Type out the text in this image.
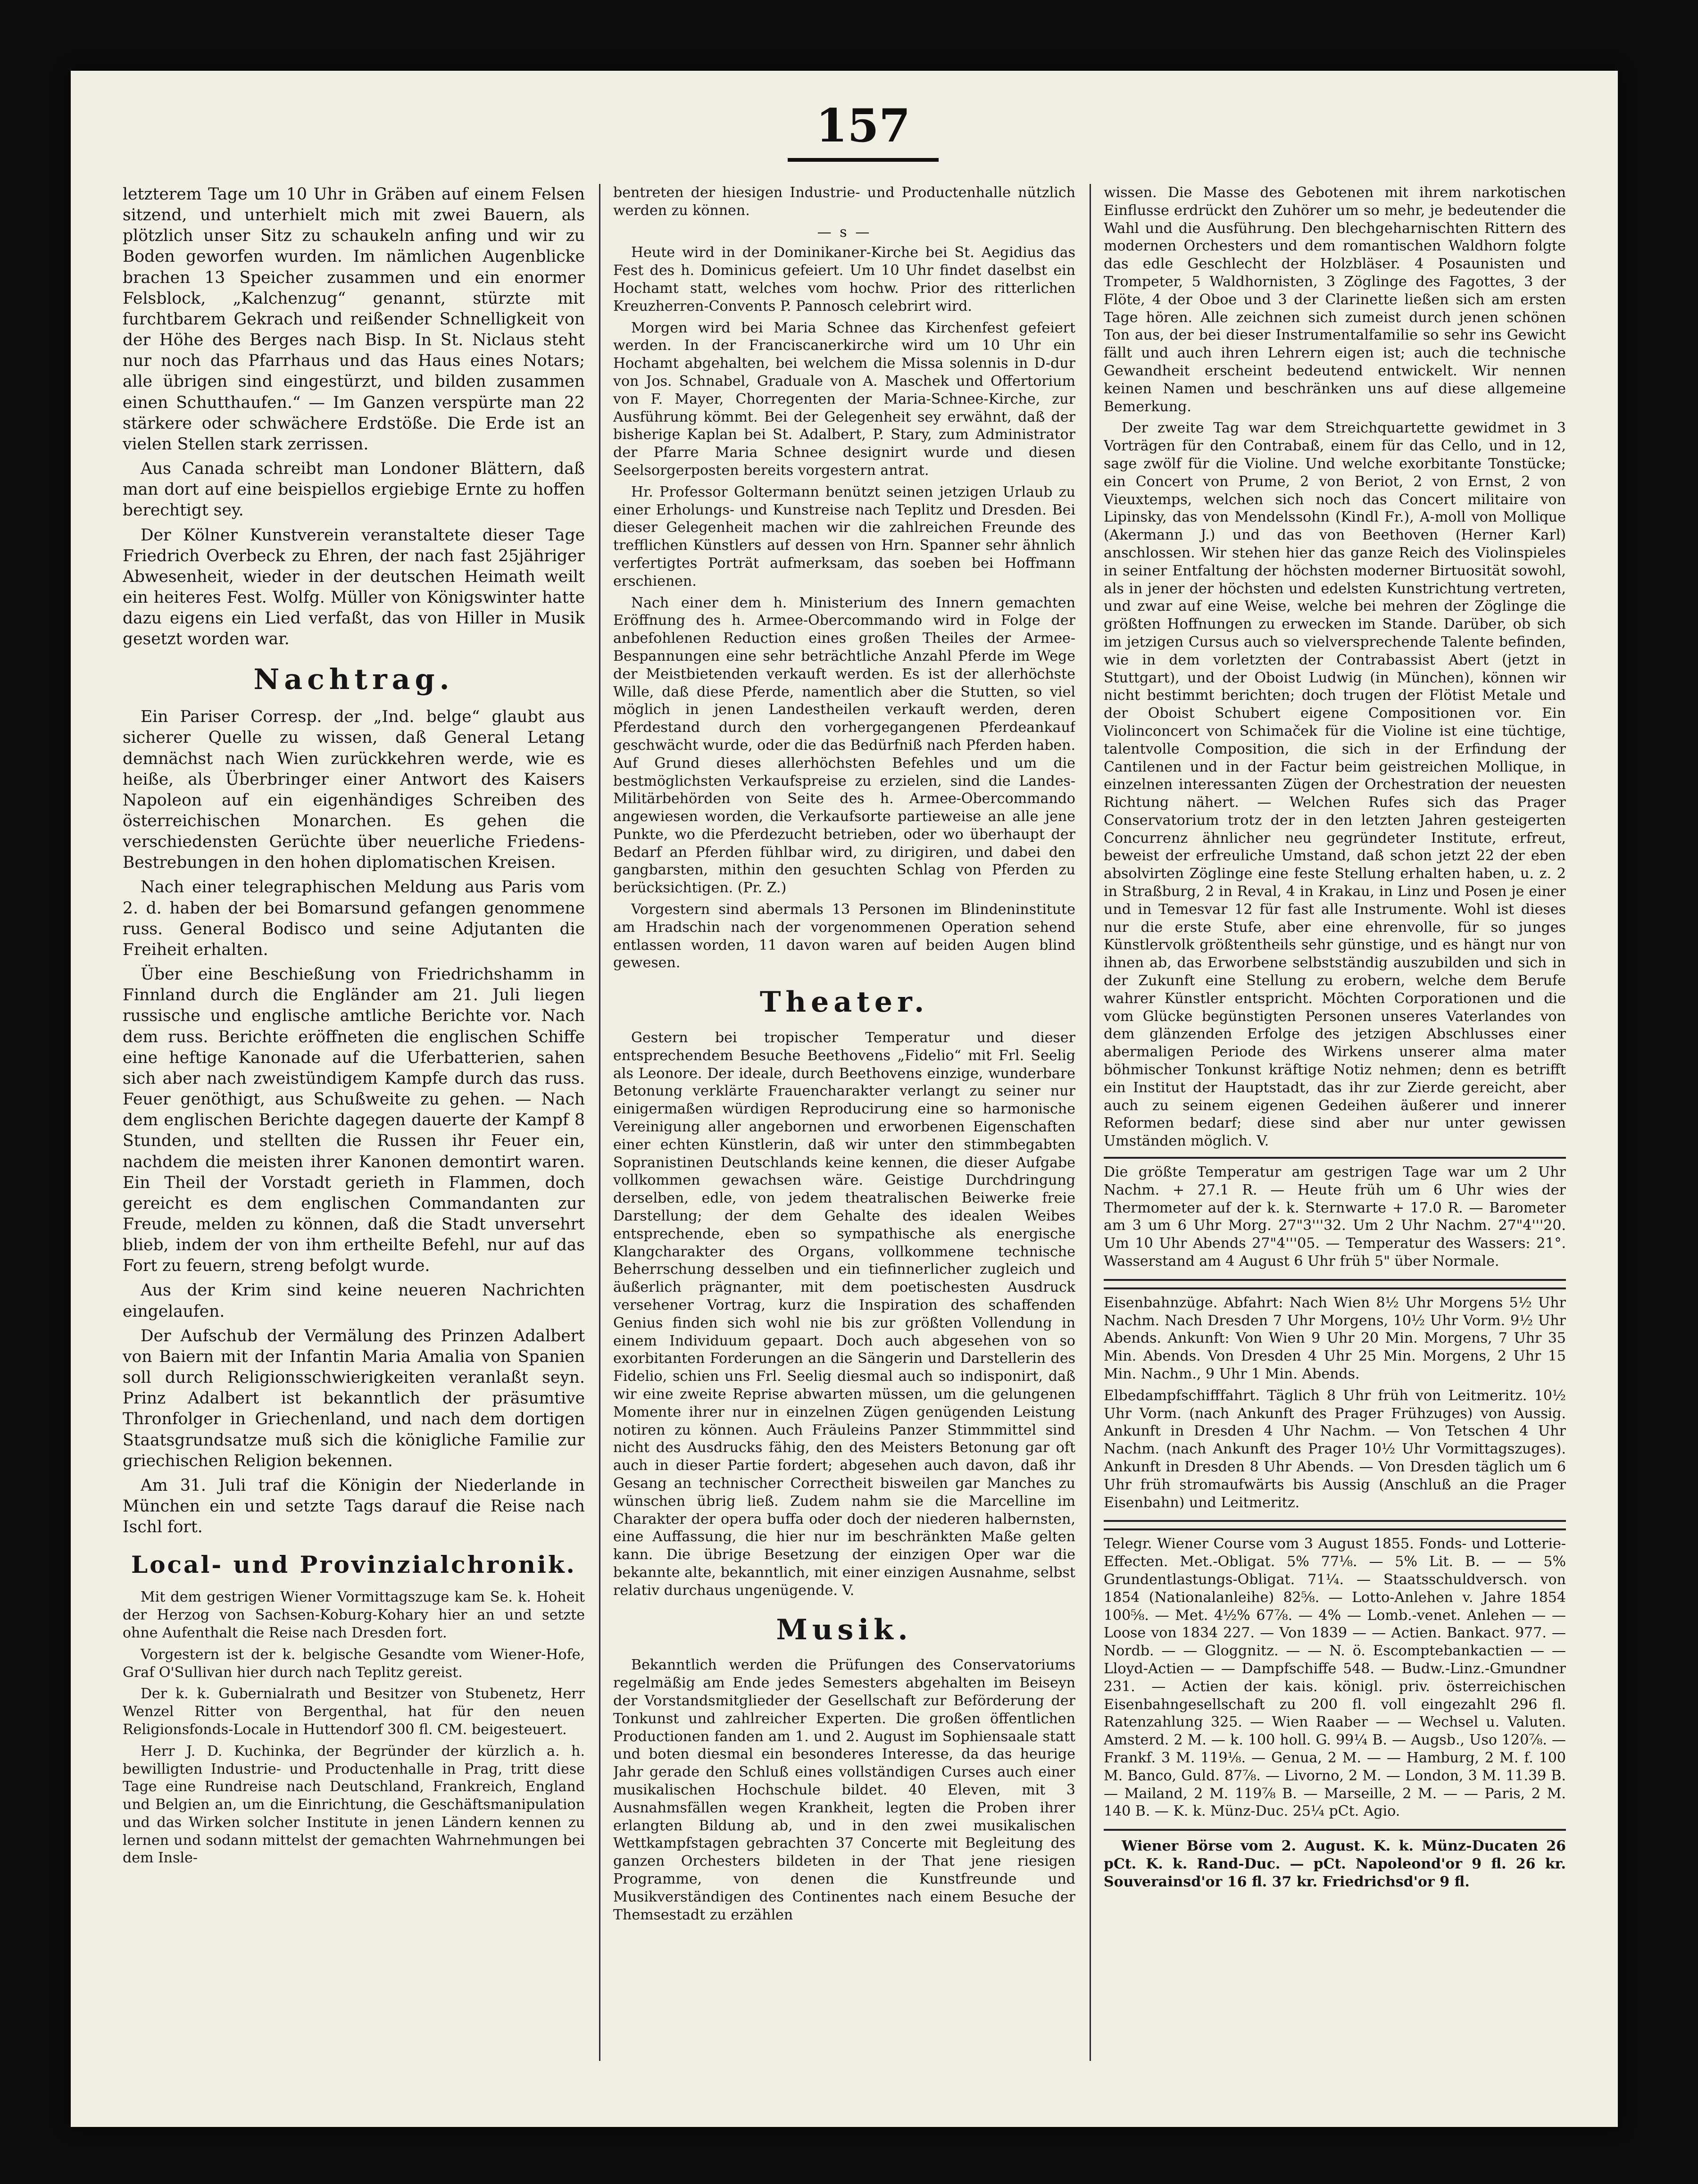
157

letzterem Tage um 10 Uhr in Gräben auf einem Felsen sitzend, und unterhielt mich mit zwei Bauern, als plötzlich unser Sitz zu schaukeln anfing und wir zu Boden geworfen wurden. Im nämlichen Augenblicke brachen 13 Speicher zusammen und ein enormer Felsblock, „Kalchenzug“ genannt, stürzte mit furchtbarem Gekrach und reißender Schnelligkeit von der Höhe des Berges nach Bisp. In St. Niclaus steht nur noch das Pfarrhaus und das Haus eines Notars; alle übrigen sind eingestürzt, und bilden zusammen einen Schutthaufen.“ — Im Ganzen verspürte man 22 stärkere oder schwächere Erdstöße. Die Erde ist an vielen Stellen stark zerrissen.

Aus Canada schreibt man Londoner Blättern, daß man dort auf eine beispiellos ergiebige Ernte zu hoffen berechtigt sey.

Der Kölner Kunstverein veranstaltete dieser Tage Friedrich Overbeck zu Ehren, der nach fast 25jähriger Abwesenheit, wieder in der deutschen Heimath weilt ein heiteres Fest. Wolfg. Müller von Königswinter hatte dazu eigens ein Lied verfaßt, das von Hiller in Musik gesetzt worden war.

Nachtrag.

Ein Pariser Corresp. der „Ind. belge“ glaubt aus sicherer Quelle zu wissen, daß General Letang demnächst nach Wien zurückkehren werde, wie es heiße, als Überbringer einer Antwort des Kaisers Napoleon auf ein eigenhändiges Schreiben des österreichischen Monarchen. Es gehen die verschiedensten Gerüchte über neuerliche Friedens-Bestrebungen in den hohen diplomatischen Kreisen.

Nach einer telegraphischen Meldung aus Paris vom 2. d. haben der bei Bomarsund gefangen genommene russ. General Bodisco und seine Adjutanten die Freiheit erhalten.

Über eine Beschießung von Friedrichshamm in Finnland durch die Engländer am 21. Juli liegen russische und englische amtliche Berichte vor. Nach dem russ. Berichte eröffneten die englischen Schiffe eine heftige Kanonade auf die Uferbatterien, sahen sich aber nach zweistündigem Kampfe durch das russ. Feuer genöthigt, aus Schußweite zu gehen. — Nach dem englischen Berichte dagegen dauerte der Kampf 8 Stunden, und stellten die Russen ihr Feuer ein, nachdem die meisten ihrer Kanonen demontirt waren. Ein Theil der Vorstadt gerieth in Flammen, doch gereicht es dem englischen Commandanten zur Freude, melden zu können, daß die Stadt unversehrt blieb, indem der von ihm ertheilte Befehl, nur auf das Fort zu feuern, streng befolgt wurde.

Aus der Krim sind keine neueren Nachrichten eingelaufen.

Der Aufschub der Vermälung des Prinzen Adalbert von Baiern mit der Infantin Maria Amalia von Spanien soll durch Religionsschwierigkeiten veranlaßt seyn. Prinz Adalbert ist bekanntlich der präsumtive Thronfolger in Griechenland, und nach dem dortigen Staatsgrundsatze muß sich die königliche Familie zur griechischen Religion bekennen.

Am 31. Juli traf die Königin der Niederlande in München ein und setzte Tags darauf die Reise nach Ischl fort.

Local- und Provinzialchronik.

Mit dem gestrigen Wiener Vormittagszuge kam Se. k. Hoheit der Herzog von Sachsen-Koburg-Kohary hier an und setzte ohne Aufenthalt die Reise nach Dresden fort.

Vorgestern ist der k. belgische Gesandte vom Wiener-Hofe, Graf O'Sullivan hier durch nach Teplitz gereist.

Der k. k. Gubernialrath und Besitzer von Stubenetz, Herr Wenzel Ritter von Bergenthal, hat für den neuen Religionsfonds-Locale in Huttendorf 300 fl. CM. beigesteuert.

Herr J. D. Kuchinka, der Begründer der kürzlich a. h. bewilligten Industrie- und Productenhalle in Prag, tritt diese Tage eine Rundreise nach Deutschland, Frankreich, England und Belgien an, um die Einrichtung, die Geschäftsmanipulation und das Wirken solcher Institute in jenen Ländern kennen zu lernen und sodann mittelst der gemachten Wahrnehmungen bei dem Insle-

bentreten der hiesigen Industrie- und Productenhalle nützlich werden zu können.

— s —

Heute wird in der Dominikaner-Kirche bei St. Aegidius das Fest des h. Dominicus gefeiert. Um 10 Uhr findet daselbst ein Hochamt statt, welches vom hochw. Prior des ritterlichen Kreuzherren-Convents P. Pannosch celebrirt wird.

Morgen wird bei Maria Schnee das Kirchenfest gefeiert werden. In der Franciscanerkirche wird um 10 Uhr ein Hochamt abgehalten, bei welchem die Missa solennis in D-dur von Jos. Schnabel, Graduale von A. Maschek und Offertorium von F. Mayer, Chorregenten der Maria-Schnee-Kirche, zur Ausführung kömmt. Bei der Gelegenheit sey erwähnt, daß der bisherige Kaplan bei St. Adalbert, P. Stary, zum Administrator der Pfarre Maria Schnee designirt wurde und diesen Seelsorgerposten bereits vorgestern antrat.

Hr. Professor Goltermann benützt seinen jetzigen Urlaub zu einer Erholungs- und Kunstreise nach Teplitz und Dresden. Bei dieser Gelegenheit machen wir die zahlreichen Freunde des trefflichen Künstlers auf dessen von Hrn. Spanner sehr ähnlich verfertigtes Porträt aufmerksam, das soeben bei Hoffmann erschienen.

Nach einer dem h. Ministerium des Innern gemachten Eröffnung des h. Armee-Obercommando wird in Folge der anbefohlenen Reduction eines großen Theiles der Armee-Bespannungen eine sehr beträchtliche Anzahl Pferde im Wege der Meistbietenden verkauft werden. Es ist der allerhöchste Wille, daß diese Pferde, namentlich aber die Stutten, so viel möglich in jenen Landestheilen verkauft werden, deren Pferdestand durch den vorhergegangenen Pferdeankauf geschwächt wurde, oder die das Bedürfniß nach Pferden haben. Auf Grund dieses allerhöchsten Befehles und um die bestmöglichsten Verkaufspreise zu erzielen, sind die Landes-Militärbehörden von Seite des h. Armee-Obercommando angewiesen worden, die Verkaufsorte partieweise an alle jene Punkte, wo die Pferdezucht betrieben, oder wo überhaupt der Bedarf an Pferden fühlbar wird, zu dirigiren, und dabei den gangbarsten, mithin den gesuchten Schlag von Pferden zu berücksichtigen. (Pr. Z.)

Vorgestern sind abermals 13 Personen im Blindeninstitute am Hradschin nach der vorgenommenen Operation sehend entlassen worden, 11 davon waren auf beiden Augen blind gewesen.

Theater.

Gestern bei tropischer Temperatur und dieser entsprechendem Besuche Beethovens „Fidelio“ mit Frl. Seelig als Leonore. Der ideale, durch Beethovens einzige, wunderbare Betonung verklärte Frauencharakter verlangt zu seiner nur einigermaßen würdigen Reproducirung eine so harmonische Vereinigung aller angebornen und erworbenen Eigenschaften einer echten Künstlerin, daß wir unter den stimmbegabten Sopranistinen Deutschlands keine kennen, die dieser Aufgabe vollkommen gewachsen wäre. Geistige Durchdringung derselben, edle, von jedem theatralischen Beiwerke freie Darstellung; der dem Gehalte des idealen Weibes entsprechende, eben so sympathische als energische Klangcharakter des Organs, vollkommene technische Beherrschung desselben und ein tiefinnerlicher zugleich und äußerlich prägnanter, mit dem poetischesten Ausdruck versehener Vortrag, kurz die Inspiration des schaffenden Genius finden sich wohl nie bis zur größten Vollendung in einem Individuum gepaart. Doch auch abgesehen von so exorbitanten Forderungen an die Sängerin und Darstellerin des Fidelio, schien uns Frl. Seelig diesmal auch so indisponirt, daß wir eine zweite Reprise abwarten müssen, um die gelungenen Momente ihrer nur in einzelnen Zügen genügenden Leistung notiren zu können. Auch Fräuleins Panzer Stimmmittel sind nicht des Ausdrucks fähig, den des Meisters Betonung gar oft auch in dieser Partie fordert; abgesehen auch davon, daß ihr Gesang an technischer Correctheit bisweilen gar Manches zu wünschen übrig ließ. Zudem nahm sie die Marcelline im Charakter der opera buffa oder doch der niederen halbernsten, eine Auffassung, die hier nur im beschränkten Maße gelten kann. Die übrige Besetzung der einzigen Oper war die bekannte alte, bekanntlich, mit einer einzigen Ausnahme, selbst relativ durchaus ungenügende. V.

Musik.

Bekanntlich werden die Prüfungen des Conservatoriums regelmäßig am Ende jedes Semesters abgehalten im Beiseyn der Vorstandsmitglieder der Gesellschaft zur Beförderung der Tonkunst und zahlreicher Experten. Die großen öffentlichen Productionen fanden am 1. und 2. August im Sophiensaale statt und boten diesmal ein besonderes Interesse, da das heurige Jahr gerade den Schluß eines vollständigen Curses auch einer musikalischen Hochschule bildet. 40 Eleven, mit 3 Ausnahmsfällen wegen Krankheit, legten die Proben ihrer erlangten Bildung ab, und in den zwei musikalischen Wettkampfstagen gebrachten 37 Concerte mit Begleitung des ganzen Orchesters bildeten in der That jene riesigen Programme, von denen die Kunstfreunde und Musikverständigen des Continentes nach einem Besuche der Themsestadt zu erzählen

wissen. Die Masse des Gebotenen mit ihrem narkotischen Einflusse erdrückt den Zuhörer um so mehr, je bedeutender die Wahl und die Ausführung. Den blechgeharnischten Rittern des modernen Orchesters und dem romantischen Waldhorn folgte das edle Geschlecht der Holzbläser. 4 Posaunisten und Trompeter, 5 Waldhornisten, 3 Zöglinge des Fagottes, 3 der Flöte, 4 der Oboe und 3 der Clarinette ließen sich am ersten Tage hören. Alle zeichnen sich zumeist durch jenen schönen Ton aus, der bei dieser Instrumentalfamilie so sehr ins Gewicht fällt und auch ihren Lehrern eigen ist; auch die technische Gewandheit erscheint bedeutend entwickelt. Wir nennen keinen Namen und beschränken uns auf diese allgemeine Bemerkung.

Der zweite Tag war dem Streichquartette gewidmet in 3 Vorträgen für den Contrabaß, einem für das Cello, und in 12, sage zwölf für die Violine. Und welche exorbitante Tonstücke; ein Concert von Prume, 2 von Beriot, 2 von Ernst, 2 von Vieuxtemps, welchen sich noch das Concert militaire von Lipinsky, das von Mendelssohn (Kindl Fr.), A-moll von Mollique (Akermann J.) und das von Beethoven (Herner Karl) anschlossen. Wir stehen hier das ganze Reich des Violinspieles in seiner Entfaltung der höchsten moderner Birtuosität sowohl, als in jener der höchsten und edelsten Kunstrichtung vertreten, und zwar auf eine Weise, welche bei mehren der Zöglinge die größten Hoffnungen zu erwecken im Stande. Darüber, ob sich im jetzigen Cursus auch so vielversprechende Talente befinden, wie in dem vorletzten der Contrabassist Abert (jetzt in Stuttgart), und der Oboist Ludwig (in München), können wir nicht bestimmt berichten; doch trugen der Flötist Metale und der Oboist Schubert eigene Compositionen vor. Ein Violinconcert von Schimaček für die Violine ist eine tüchtige, talentvolle Composition, die sich in der Erfindung der Cantilenen und in der Factur beim geistreichen Mollique, in einzelnen interessanten Zügen der Orchestration der neuesten Richtung nähert. — Welchen Rufes sich das Prager Conservatorium trotz der in den letzten Jahren gesteigerten Concurrenz ähnlicher neu gegründeter Institute, erfreut, beweist der erfreuliche Umstand, daß schon jetzt 22 der eben absolvirten Zöglinge eine feste Stellung erhalten haben, u. z. 2 in Straßburg, 2 in Reval, 4 in Krakau, in Linz und Posen je einer und in Temesvar 12 für fast alle Instrumente. Wohl ist dieses nur die erste Stufe, aber eine ehrenvolle, für so junges Künstlervolk größtentheils sehr günstige, und es hängt nur von ihnen ab, das Erworbene selbstständig auszubilden und sich in der Zukunft eine Stellung zu erobern, welche dem Berufe wahrer Künstler entspricht. Möchten Corporationen und die vom Glücke begünstigten Personen unseres Vaterlandes von dem glänzenden Erfolge des jetzigen Abschlusses einer abermaligen Periode des Wirkens unserer alma mater böhmischer Tonkunst kräftige Notiz nehmen; denn es betrifft ein Institut der Hauptstadt, das ihr zur Zierde gereicht, aber auch zu seinem eigenen Gedeihen äußerer und innerer Reformen bedarf; diese sind aber nur unter gewissen Umständen möglich. V.

Die größte Temperatur am gestrigen Tage war um 2 Uhr Nachm. + 27.1 R. — Heute früh um 6 Uhr wies der Thermometer auf der k. k. Sternwarte + 17.0 R. — Barometer am 3 um 6 Uhr Morg. 27"3'''32. Um 2 Uhr Nachm. 27"4'''20. Um 10 Uhr Abends 27"4'''05. — Temperatur des Wassers: 21°. Wasserstand am 4 August 6 Uhr früh 5" über Normale.

Eisenbahnzüge. Abfahrt: Nach Wien 8½ Uhr Morgens 5½ Uhr Nachm. Nach Dresden 7 Uhr Morgens, 10½ Uhr Vorm. 9½ Uhr Abends. Ankunft: Von Wien 9 Uhr 20 Min. Morgens, 7 Uhr 35 Min. Abends. Von Dresden 4 Uhr 25 Min. Morgens, 2 Uhr 15 Min. Nachm., 9 Uhr 1 Min. Abends.

Elbedampfschifffahrt. Täglich 8 Uhr früh von Leitmeritz. 10½ Uhr Vorm. (nach Ankunft des Prager Frühzuges) von Aussig. Ankunft in Dresden 4 Uhr Nachm. — Von Tetschen 4 Uhr Nachm. (nach Ankunft des Prager 10½ Uhr Vormittagszuges). Ankunft in Dresden 8 Uhr Abends. — Von Dresden täglich um 6 Uhr früh stromaufwärts bis Aussig (Anschluß an die Prager Eisenbahn) und Leitmeritz.

Telegr. Wiener Course vom 3 August 1855. Fonds- und Lotterie-Effecten. Met.-Obligat. 5% 77⅛. — 5% Lit. B. — — 5% Grundentlastungs-Obligat. 71¼. — Staatsschuldversch. von 1854 (Nationalanleihe) 82⅝. — Lotto-Anlehen v. Jahre 1854 100⅝. — Met. 4½% 67⅞. — 4% — Lomb.-venet. Anlehen — — Loose von 1834 227. — Von 1839 — — Actien. Bankact. 977. — Nordb. — — Gloggnitz. — — N. ö. Escomptebankactien — — Lloyd-Actien — — Dampfschiffe 548. — Budw.-Linz.-Gmundner 231. — Actien der kais. königl. priv. österreichischen Eisenbahngesellschaft zu 200 fl. voll eingezahlt 296 fl. Ratenzahlung 325. — Wien Raaber — — Wechsel u. Valuten. Amsterd. 2 M. — k. 100 holl. G. 99¼ B. — Augsb., Uso 120⅞. — Frankf. 3 M. 119⅛. — Genua, 2 M. — — Hamburg, 2 M. f. 100 M. Banco, Guld. 87⅞. — Livorno, 2 M. — London, 3 M. 11.39 B. — Mailand, 2 M. 119⅞ B. — Marseille, 2 M. — — Paris, 2 M. 140 B. — K. k. Münz-Duc. 25¼ pCt. Agio.

Wiener Börse vom 2. August. K. k. Münz-Ducaten 26 pCt. K. k. Rand-Duc. — pCt. Napoleond'or 9 fl. 26 kr. Souverainsd'or 16 fl. 37 kr. Friedrichsd'or 9 fl.
